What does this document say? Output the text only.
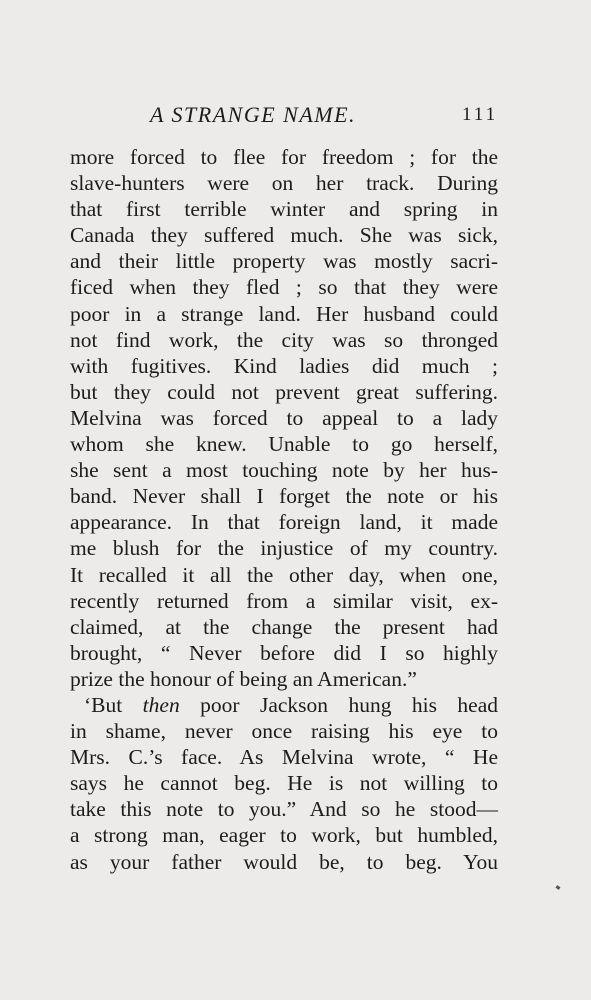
A STRANGE NAME.	111
more forced to flee for freedom ; for the
slave-hunters were on her track. During
that first terrible winter and spring in
Canada they suffered much. She was sick,
and their little property was mostly sacri-
ficed when they fled ; so that they were
poor in a strange land. Her husband could
not find work, the city was so thronged
with fugitives. Kind ladies did much ;
but they could not prevent great suffering.
Melvina was forced to appeal to a lady
whom she knew. Unable to go herself,
she sent a most touching note by her hus-
band. Never shall I forget the note or his
appearance. In that foreign land, it made
me blush for the injustice of my country.
It recalled it all the other day, when one,
recently returned from a similar visit, ex-
claimed, at the change the present had
brought, “ Never before did I so highly
prize the honour of being an American.”
‘But then poor Jackson hung his head
in shame, never once raising his eye to
Mrs. C.’s face. As Melvina wrote, “ He
says he cannot beg. He is not willing to
take this note to you.” And so he stood—
a strong man, eager to work, but humbled,
as your father would be, to beg. You
